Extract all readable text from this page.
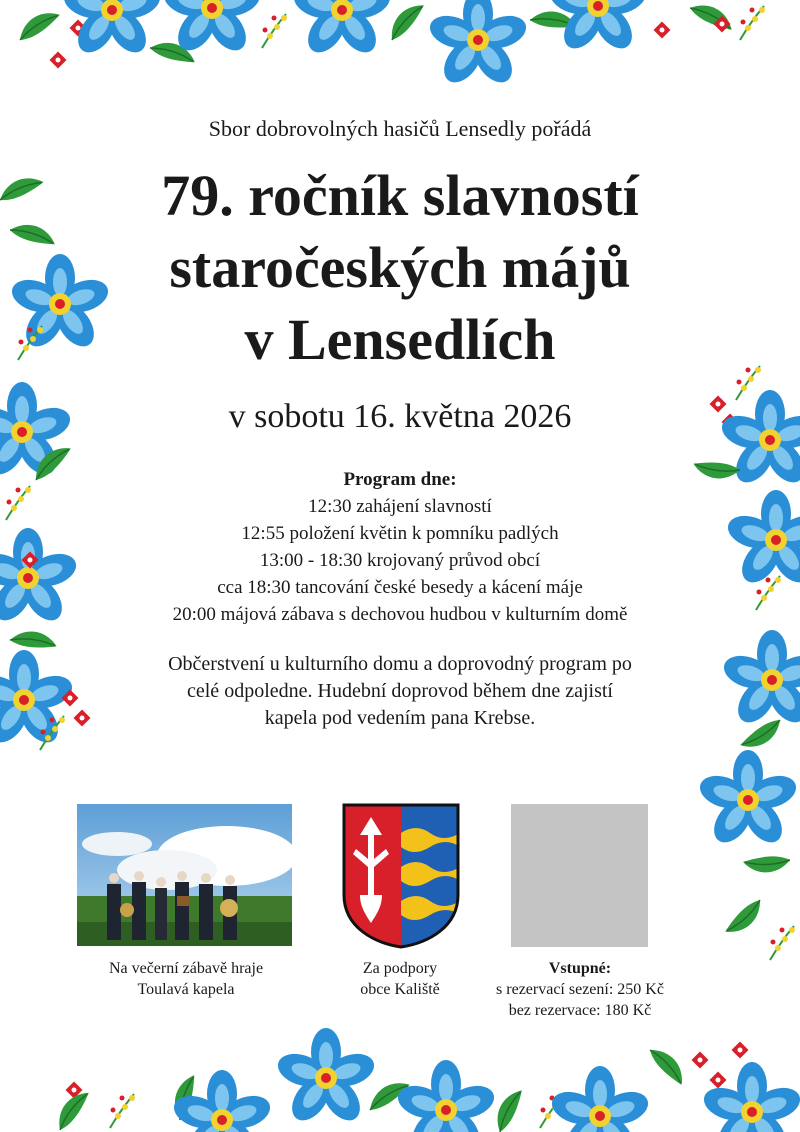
Sbor dobrovolných hasičů Lensedly pořádá
79. ročník slavností
staročeských májů
v Lensedlích
v sobotu 16. května 2026
Program dne:
12:30 zahájení slavností
12:55 položení květin k pomníku padlých
13:00 - 18:30 krojovaný průvod obcí
cca 18:30 tancování české besedy a kácení máje
20:00 májová zábava s dechovou hudbou v kulturním domě
Občerstvení u kulturního domu a doprovodný program po
celé odpoledne. Hudební doprovod během dne zajistí
kapela pod vedením pana Krebse.
Na večerní zábavě hraje
Toulavá kapela
Za podpory
obce Kaliště
Vstupné:
s rezervací sezení: 250 Kč
bez rezervace: 180 Kč
